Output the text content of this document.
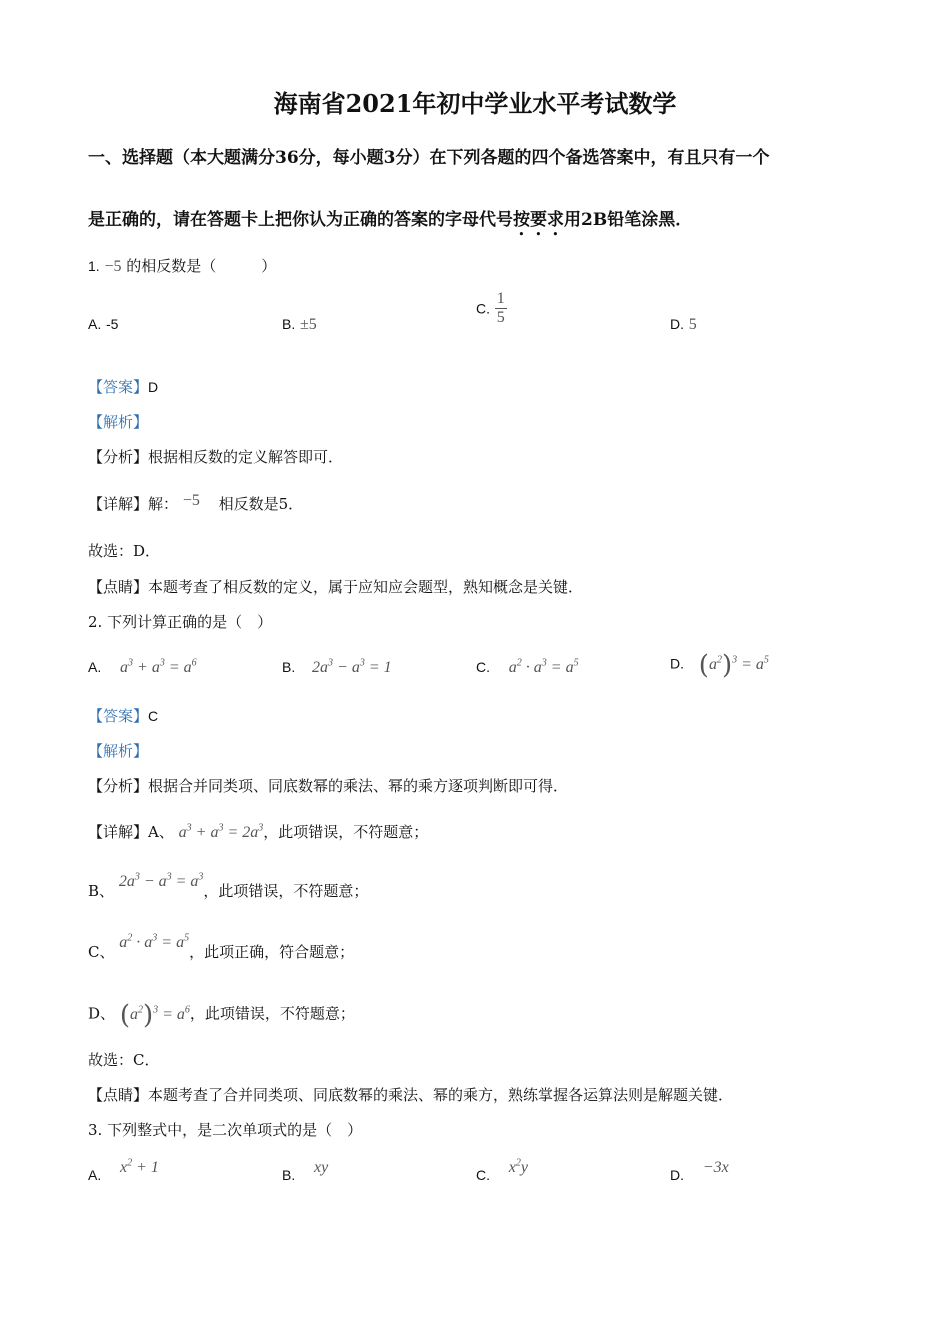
海南省2021年初中学业水平考试数学
一、选择题（本大题满分36分，每小题3分）在下列各题的四个备选答案中，有且只有一个
是正确的，请在答题卡上把你认为正确的答案的字母代号按要求用2B铅笔涂黑．
1. −5 的相反数是（　　　）
A. -5	B. ±5
C. $\frac{1}{5}$	D. 5
【答案】D
【解析】
【分析】根据相反数的定义解答即可．
【详解】解： −5 相反数是5．
故选：D．
【点睛】本题考查了相反数的定义，属于应知应会题型，熟知概念是关键．
2. 下列计算正确的是（　）
A. $a^3 + a^3 = a^6$	B. $2a^3 - a^3 = 1$	C. $a^2 \cdot a^3 = a^5$	D. $(a^2)^3 = a^5$
【答案】C
【解析】
【分析】根据合并同类项、同底数幂的乘法、幂的乘方逐项判断即可得．
【详解】A、 $a^3 + a^3 = 2a^3$，此项错误，不符题意；
B、 $2a^3 - a^3 = a^3$，此项错误，不符题意；
C、 $a^2 \cdot a^3 = a^5$，此项正确，符合题意；
D、 $(a^2)^3 = a^6$，此项错误，不符题意；
故选：C．
【点睛】本题考查了合并同类项、同底数幂的乘法、幂的乘方，熟练掌握各运算法则是解题关键．
3. 下列整式中，是二次单项式的是（　）
A. $x^2 + 1$	B. xy	C. $x^2y$	D. −3x
